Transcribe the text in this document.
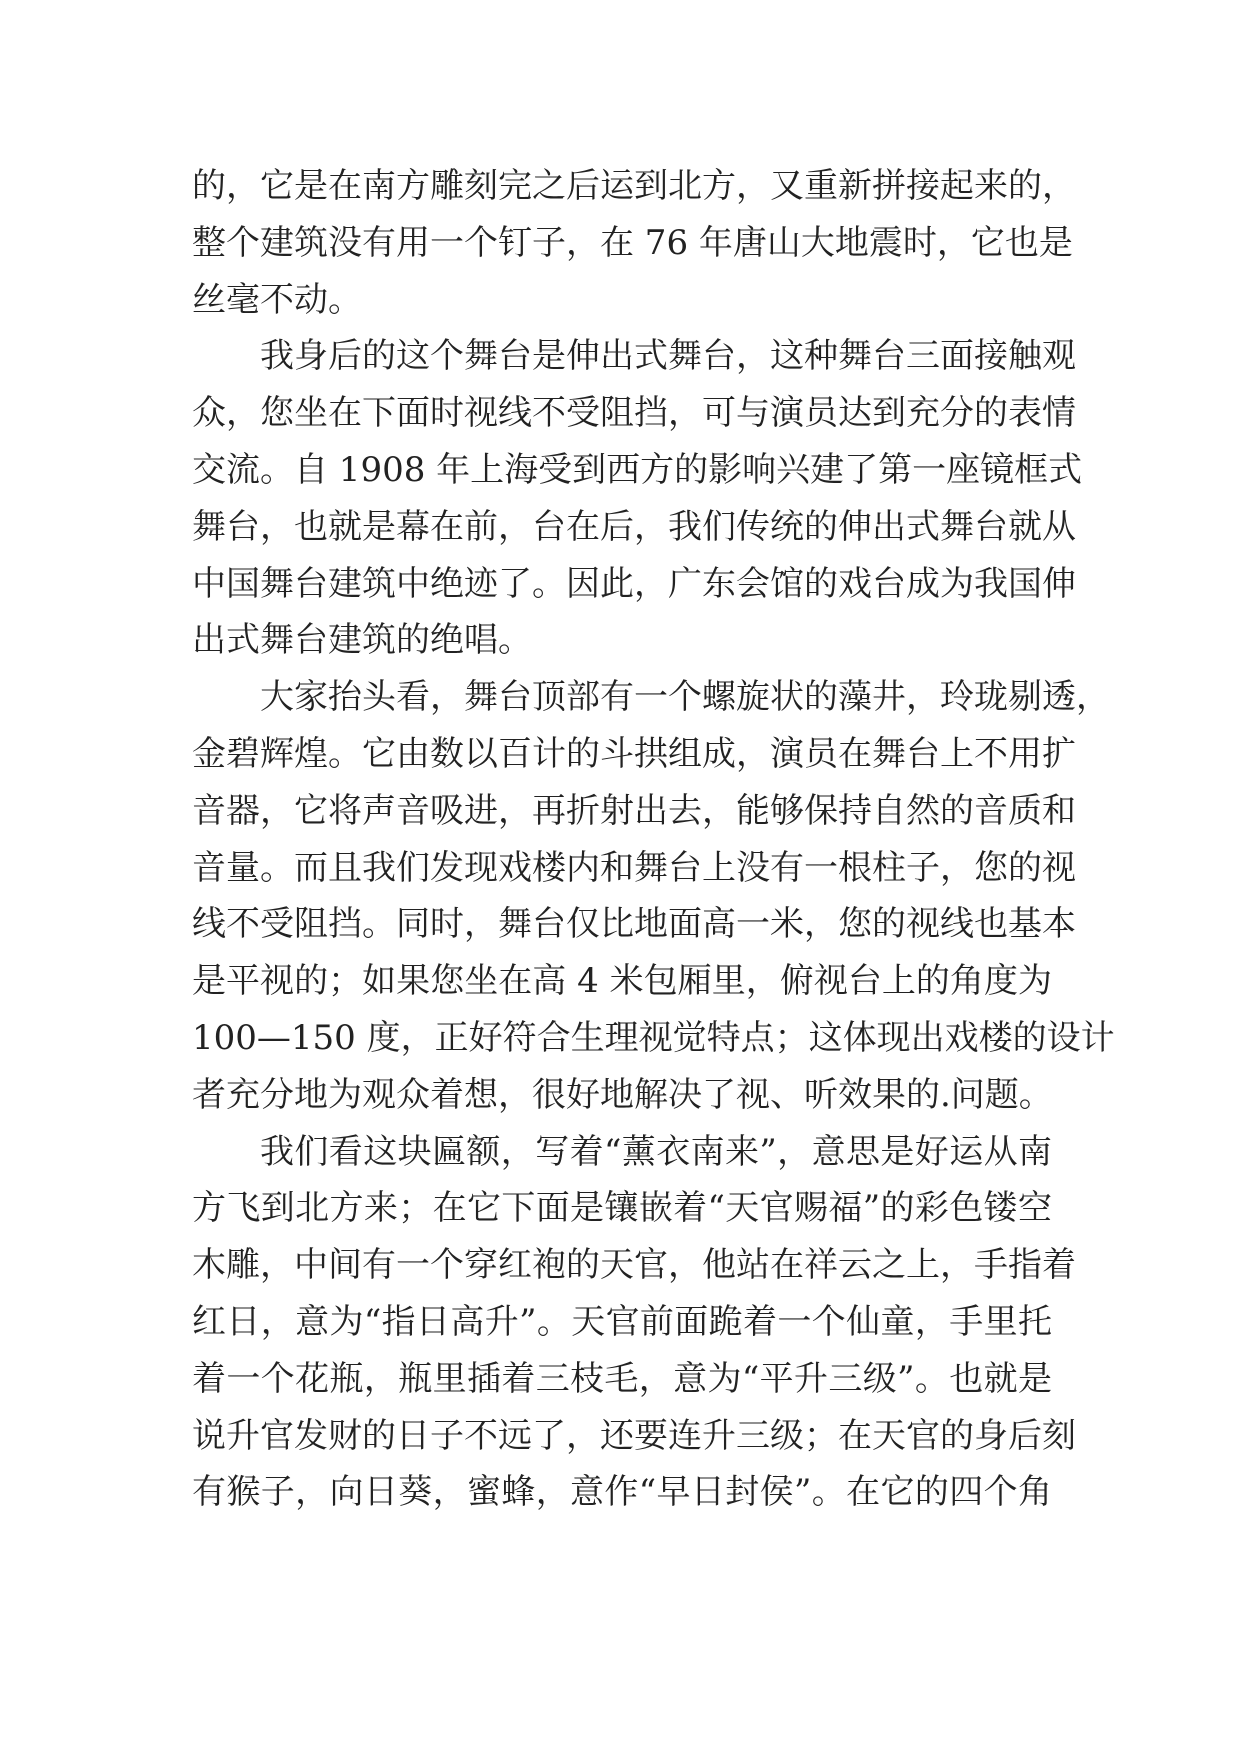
的，它是在南方雕刻完之后运到北方，又重新拼接起来的，
整个建筑没有用一个钉子，在 76 年唐山大地震时，它也是
丝毫不动。
我身后的这个舞台是伸出式舞台，这种舞台三面接触观
众，您坐在下面时视线不受阻挡，可与演员达到充分的表情
交流。自 1908 年上海受到西方的影响兴建了第一座镜框式
舞台，也就是幕在前，台在后，我们传统的伸出式舞台就从
中国舞台建筑中绝迹了。因此，广东会馆的戏台成为我国伸
出式舞台建筑的绝唱。
大家抬头看，舞台顶部有一个螺旋状的藻井，玲珑剔透，
金碧辉煌。它由数以百计的斗拱组成，演员在舞台上不用扩
音器，它将声音吸进，再折射出去，能够保持自然的音质和
音量。而且我们发现戏楼内和舞台上没有一根柱子，您的视
线不受阻挡。同时，舞台仅比地面高一米，您的视线也基本
是平视的；如果您坐在高 4 米包厢里，俯视台上的角度为
100—150 度，正好符合生理视觉特点；这体现出戏楼的设计
者充分地为观众着想，很好地解决了视、听效果的.问题。
我们看这块匾额，写着“薰衣南来”，意思是好运从南
方飞到北方来；在它下面是镶嵌着“天官赐福”的彩色镂空
木雕，中间有一个穿红袍的天官，他站在祥云之上，手指着
红日，意为“指日高升”。天官前面跪着一个仙童，手里托
着一个花瓶，瓶里插着三枝毛，意为“平升三级”。也就是
说升官发财的日子不远了，还要连升三级；在天官的身后刻
有猴子，向日葵，蜜蜂，意作“早日封侯”。在它的四个角
